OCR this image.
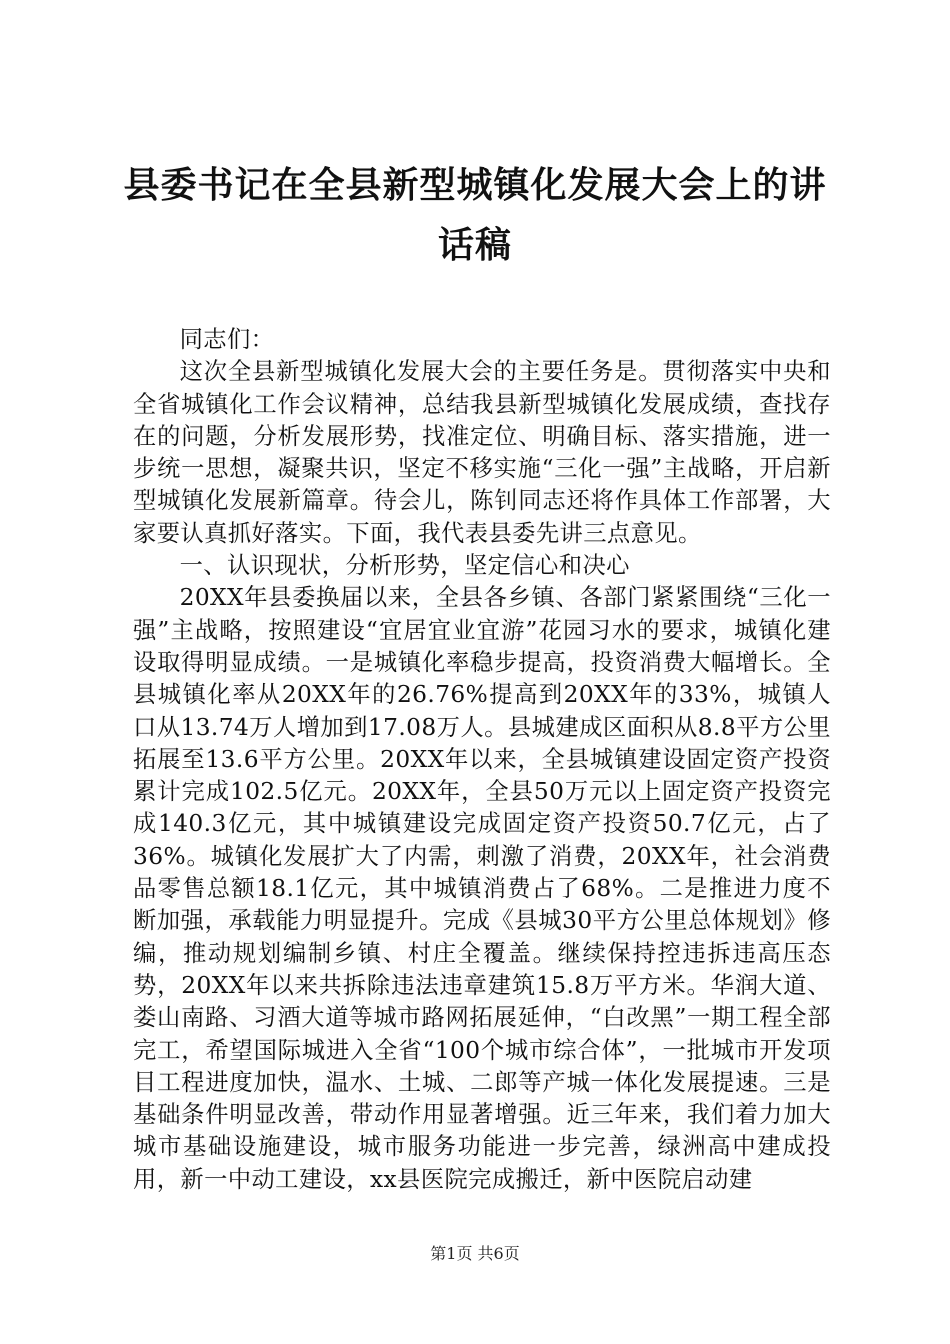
县委书记在全县新型城镇化发展大会上的讲话稿

同志们：

这次全县新型城镇化发展大会的主要任务是。贯彻落实中央和全省城镇化工作会议精神，总结我县新型城镇化发展成绩，查找存在的问题，分析发展形势，找准定位、明确目标、落实措施，进一步统一思想，凝聚共识，坚定不移实施“三化一强”主战略，开启新型城镇化发展新篇章。待会儿，陈钊同志还将作具体工作部署，大家要认真抓好落实。下面，我代表县委先讲三点意见。

一、认识现状，分析形势，坚定信心和决心

20XX年县委换届以来，全县各乡镇、各部门紧紧围绕“三化一强”主战略，按照建设“宜居宜业宜游”花园习水的要求，城镇化建设取得明显成绩。一是城镇化率稳步提高，投资消费大幅增长。全县城镇化率从20XX年的26.76%提高到20XX年的33%，城镇人口从13.74万人增加到17.08万人。县城建成区面积从8.8平方公里拓展至13.6平方公里。20XX年以来，全县城镇建设固定资产投资累计完成102.5亿元。20XX年，全县50万元以上固定资产投资完成140.3亿元，其中城镇建设完成固定资产投资50.7亿元，占了36%。城镇化发展扩大了内需，刺激了消费，20XX年，社会消费品零售总额18.1亿元，其中城镇消费占了68%。二是推进力度不断加强，承载能力明显提升。完成《县城30平方公里总体规划》修编，推动规划编制乡镇、村庄全覆盖。继续保持控违拆违高压态势，20XX年以来共拆除违法违章建筑15.8万平方米。华润大道、娄山南路、习酒大道等城市路网拓展延伸，“白改黑”一期工程全部完工，希望国际城进入全省“100个城市综合体”，一批城市开发项目工程进度加快，温水、土城、二郎等产城一体化发展提速。三是基础条件明显改善，带动作用显著增强。近三年来，我们着力加大城市基础设施建设，城市服务功能进一步完善，绿洲高中建成投用，新一中动工建设，xx县医院完成搬迁，新中医院启动建

第1页 共6页
